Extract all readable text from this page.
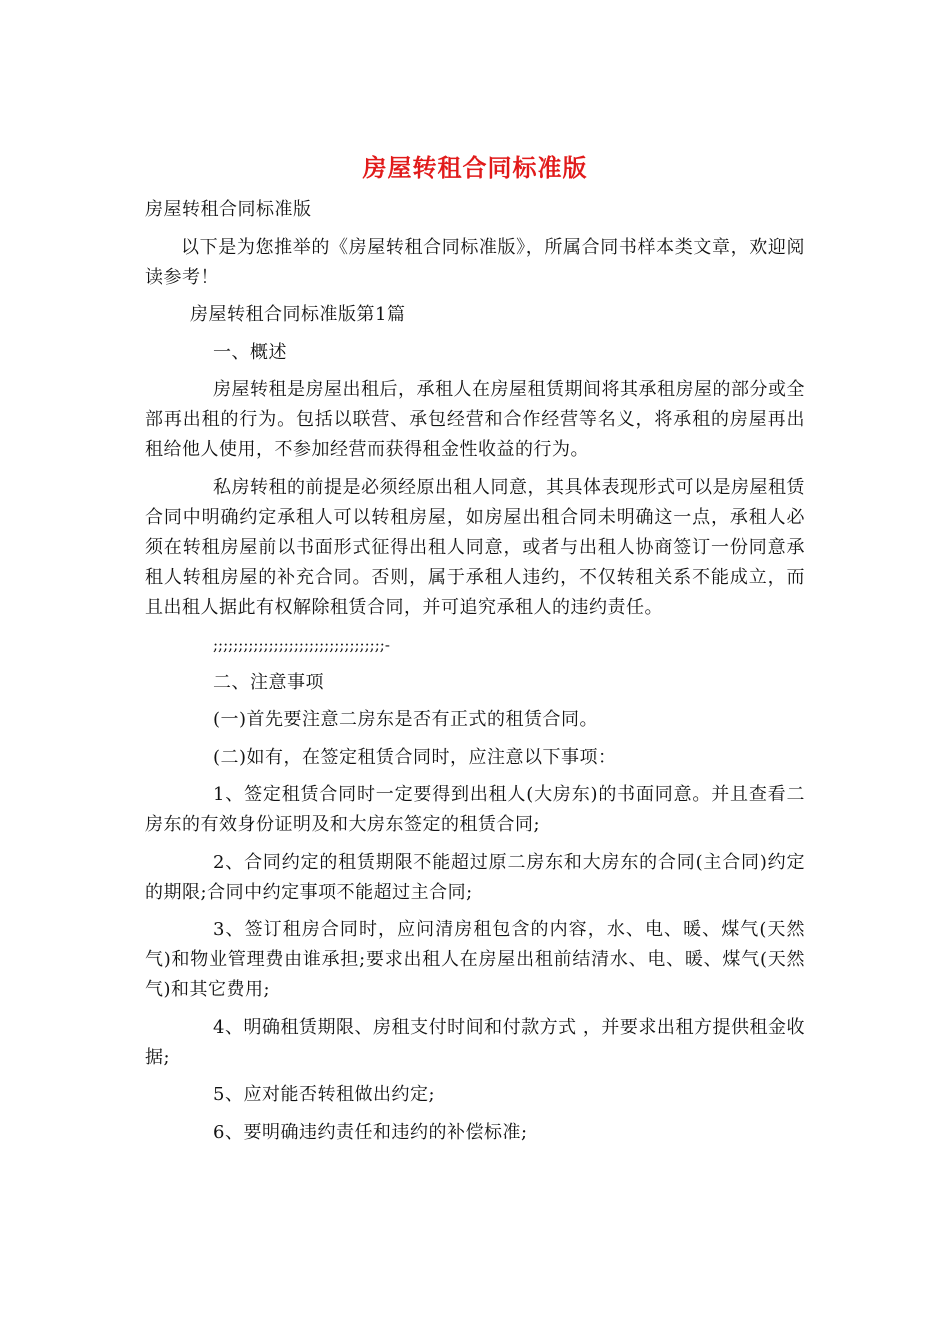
房屋转租合同标准版

房屋转租合同标准版

以下是为您推举的《房屋转租合同标准版》，所属合同书样本类文章，欢迎阅读参考！

房屋转租合同标准版第1篇

一、概述

房屋转租是房屋出租后，承租人在房屋租赁期间将其承租房屋的部分或全部再出租的行为。包括以联营、承包经营和合作经营等名义，将承租的房屋再出租给他人使用，不参加经营而获得租金性收益的行为。

私房转租的前提是必须经原出租人同意，其具体表现形式可以是房屋租赁合同中明确约定承租人可以转租房屋，如房屋出租合同未明确这一点，承租人必须在转租房屋前以书面形式征得出租人同意，或者与出租人协商签订一份同意承租人转租房屋的补充合同。否则，属于承租人违约，不仅转租关系不能成立，而且出租人据此有权解除租赁合同，并可追究承租人的违约责任。

;;;;;;;;;;;;;;;;;;;;;;;;;;;;;;;;;;-

二、注意事项

(一)首先要注意二房东是否有正式的租赁合同。

(二)如有，在签定租赁合同时，应注意以下事项：

1、签定租赁合同时一定要得到出租人(大房东)的书面同意。并且查看二房东的有效身份证明及和大房东签定的租赁合同;

2、合同约定的租赁期限不能超过原二房东和大房东的合同(主合同)约定的期限;合同中约定事项不能超过主合同;

3、签订租房合同时，应问清房租包含的内容，水、电、暖、煤气(天然气)和物业管理费由谁承担;要求出租人在房屋出租前结清水、电、暖、煤气(天然气)和其它费用;

4、明确租赁期限、房租支付时间和付款方式 ，并要求出租方提供租金收据;

5、应对能否转租做出约定;

6、要明确违约责任和违约的补偿标准;
